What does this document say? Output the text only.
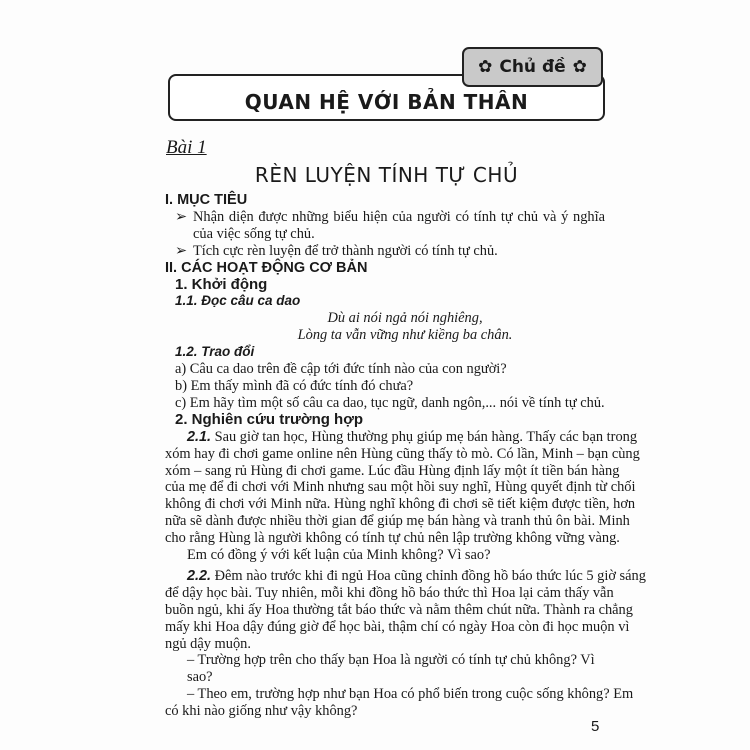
✿ Chủ đề ✿
QUAN HỆ VỚI BẢN THÂN
Bài 1
RÈN LUYỆN TÍNH TỰ CHỦ
I. MỤC TIÊU
➢ Nhận diện được những biểu hiện của người có tính tự chủ và ý nghĩa của việc sống tự chủ.
➢ Tích cực rèn luyện để trở thành người có tính tự chủ.
II. CÁC HOẠT ĐỘNG CƠ BẢN
1. Khởi động
1.1. Đọc câu ca dao
Dù ai nói ngả nói nghiêng,
Lòng ta vẫn vững như kiềng ba chân.
1.2. Trao đổi
a) Câu ca dao trên đề cập tới đức tính nào của con người?
b) Em thấy mình đã có đức tính đó chưa?
c) Em hãy tìm một số câu ca dao, tục ngữ, danh ngôn,... nói về tính tự chủ.
2. Nghiên cứu trường hợp
2.1. Sau giờ tan học, Hùng thường phụ giúp mẹ bán hàng. Thấy các bạn trong
xóm hay đi chơi game online nên Hùng cũng thấy tò mò. Có lần, Minh – bạn cùng
xóm – sang rủ Hùng đi chơi game. Lúc đầu Hùng định lấy một ít tiền bán hàng
của mẹ để đi chơi với Minh nhưng sau một hồi suy nghĩ, Hùng quyết định từ chối
không đi chơi với Minh nữa. Hùng nghĩ không đi chơi sẽ tiết kiệm được tiền, hơn
nữa sẽ dành được nhiều thời gian để giúp mẹ bán hàng và tranh thủ ôn bài. Minh
cho rằng Hùng là người không có tính tự chủ nên lập trường không vững vàng.
Em có đồng ý với kết luận của Minh không? Vì sao?
2.2. Đêm nào trước khi đi ngủ Hoa cũng chỉnh đồng hồ báo thức lúc 5 giờ sáng
để dậy học bài. Tuy nhiên, mỗi khi đồng hồ báo thức thì Hoa lại cảm thấy vẫn
buồn ngủ, khi ấy Hoa thường tắt báo thức và nằm thêm chút nữa. Thành ra chẳng
mấy khi Hoa dậy đúng giờ để học bài, thậm chí có ngày Hoa còn đi học muộn vì
ngủ dậy muộn.
– Trường hợp trên cho thấy bạn Hoa là người có tính tự chủ không? Vì sao?
– Theo em, trường hợp như bạn Hoa có phổ biến trong cuộc sống không? Em
có khi nào giống như vậy không?
5
